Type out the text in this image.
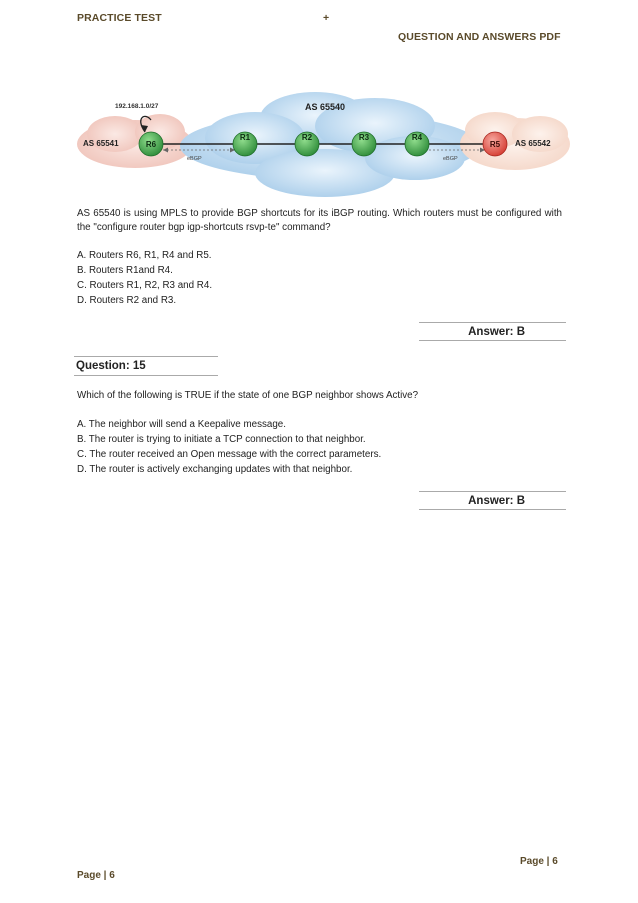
PRACTICE TEST	+
QUESTION AND ANSWERS PDF
R6
R1	R2	R3	R4
R5
192.168.1.0/27
AS 65541
AS 65540
AS 65542
eBGP	eBGP
AS 65540 is using MPLS to provide BGP shortcuts for its iBGP routing. Which routers must be configured with the "configure router bgp igp-shortcuts rsvp-te" command?
A. Routers R6, R1, R4 and R5.
B. Routers R1and R4.
C. Routers R1, R2, R3 and R4.
D. Routers R2 and R3.
Answer: B
Question: 15
Which of the following is TRUE if the state of one BGP neighbor shows Active?
A. The neighbor will send a Keepalive message.
B. The router is trying to initiate a TCP connection to that neighbor.
C. The router received an Open message with the correct parameters.
D. The router is actively exchanging updates with that neighbor.
Answer: B
Page | 6
Page | 6
